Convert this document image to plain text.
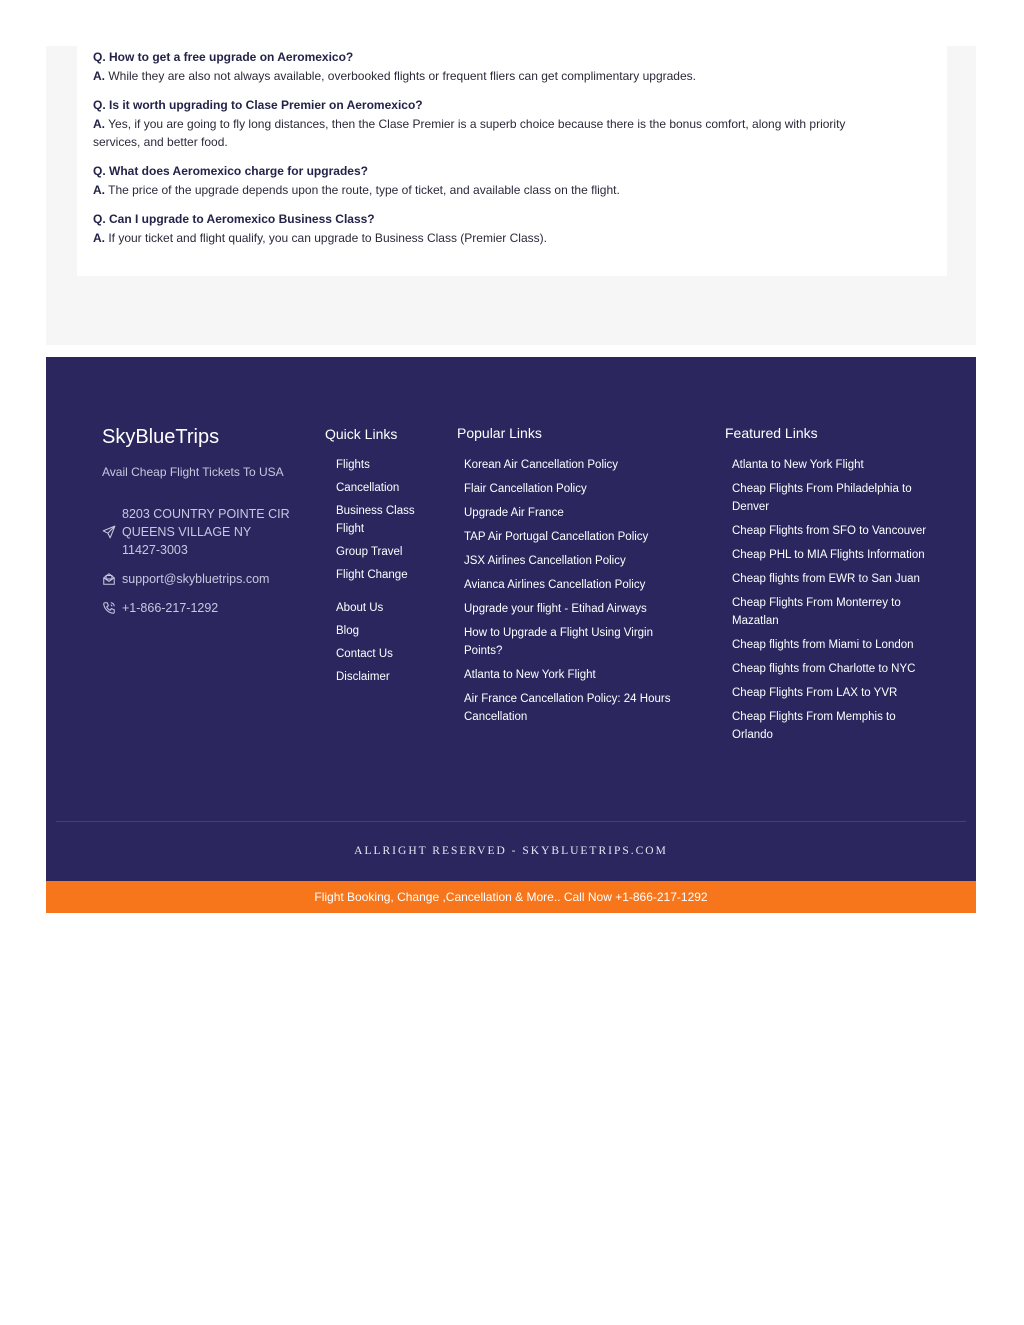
Q. How to get a free upgrade on Aeromexico?

A. While they are also not always available, overbooked flights or frequent fliers can get complimentary upgrades.

Q. Is it worth upgrading to Clase Premier on Aeromexico?

A. Yes, if you are going to fly long distances, then the Clase Premier is a superb choice because there is the bonus comfort, along with priority services, and better food.

Q. What does Aeromexico charge for upgrades?

A. The price of the upgrade depends upon the route, type of ticket, and available class on the flight.

Q. Can I upgrade to Aeromexico Business Class?

A. If your ticket and flight qualify, you can upgrade to Business Class (Premier Class).

SkyBlueTrips
Avail Cheap Flight Tickets To USA
8203 COUNTRY POINTE CIR QUEENS VILLAGE NY 11427-3003
support@skybluetrips.com
+1-866-217-1292
Quick Links
Flights
Cancellation
Business Class Flight
Group Travel
Flight Change
About Us
Blog
Contact Us
Disclaimer
Popular Links
Korean Air Cancellation Policy
Flair Cancellation Policy
Upgrade Air France
TAP Air Portugal Cancellation Policy
JSX Airlines Cancellation Policy
Avianca Airlines Cancellation Policy
Upgrade your flight - Etihad Airways
How to Upgrade a Flight Using Virgin Points?
Atlanta to New York Flight
Air France Cancellation Policy: 24 Hours Cancellation
Featured Links
Atlanta to New York Flight
Cheap Flights From Philadelphia to Denver
Cheap Flights from SFO to Vancouver
Cheap PHL to MIA Flights Information
Cheap flights from EWR to San Juan
Cheap Flights From Monterrey to Mazatlan
Cheap flights from Miami to London
Cheap flights from Charlotte to NYC
Cheap Flights From LAX to YVR
Cheap Flights From Memphis to Orlando
ALLRIGHT RESERVED - SKYBLUETRIPS.COM
Flight Booking, Change ,Cancellation & More.. Call Now +1-866-217-1292
